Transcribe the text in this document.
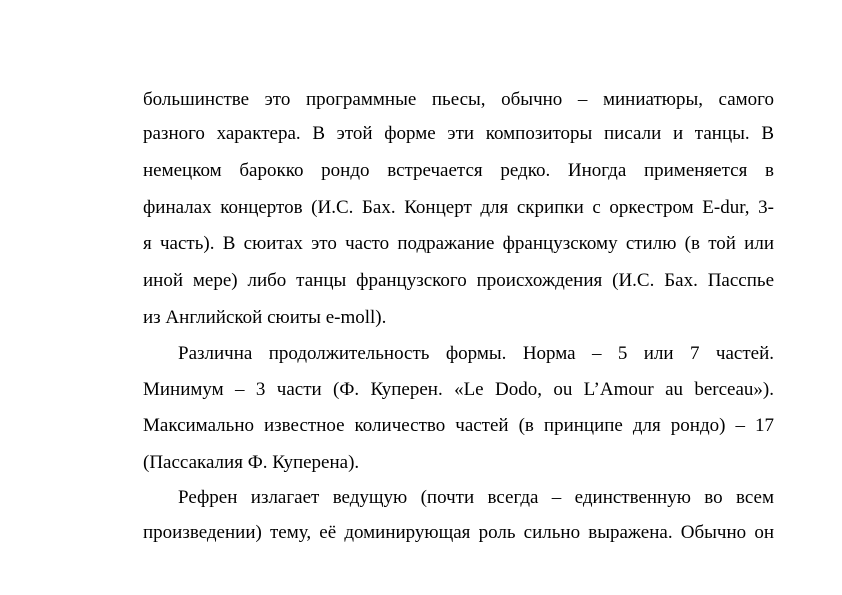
большинстве это программные пьесы, обычно – миниатюры, самого
разного характера. В этой форме эти композиторы писали и танцы. В
немецком барокко рондо встречается редко. Иногда применяется в
финалах концертов (И.С. Бах. Концерт для скрипки с оркестром E-dur, 3-
я часть). В сюитах это часто подражание французскому стилю (в той или
иной мере) либо танцы французского происхождения (И.С. Бах. Пасспье
из Английской сюиты e-moll).
Различна продолжительность формы. Норма – 5 или 7 частей.
Минимум – 3 части (Ф. Куперен. «Le Dodo, ou L’Amour au berceau»).
Максимально известное количество частей (в принципе для рондо) – 17
(Пассакалия Ф. Куперена).
Рефрен излагает ведущую (почти всегда – единственную во всем
произведении) тему, её доминирующая роль сильно выражена. Обычно он
